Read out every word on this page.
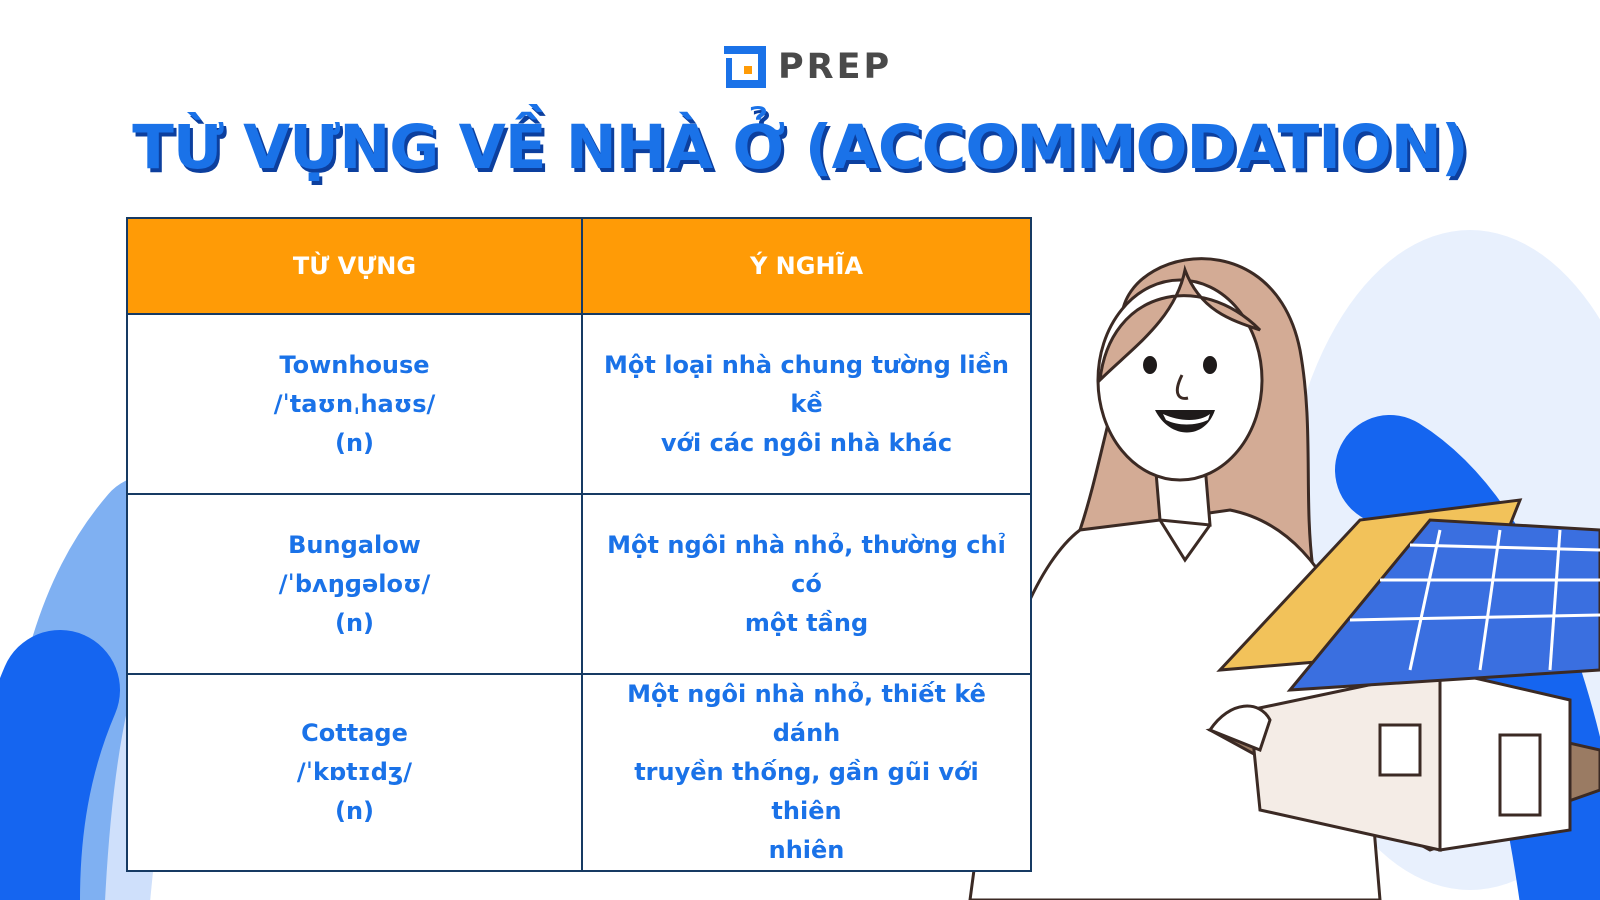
PREP
TỪ VỰNG VỀ NHÀ Ở (ACCOMMODATION)
TỪ VỰNG	Ý NGHĨA

Townhouse
/ˈtaʊnˌhaʊs/
(n)	Một loại nhà chung tường liền kề
với các ngôi nhà khác

Bungalow
/ˈbʌŋɡəloʊ/
(n)	Một ngôi nhà nhỏ, thường chỉ có
một tầng

Cottage
/ˈkɒtɪdʒ/
(n)	Một ngôi nhà nhỏ, thiết kê dánh
truyền thống, gần gũi với thiên
nhiên
